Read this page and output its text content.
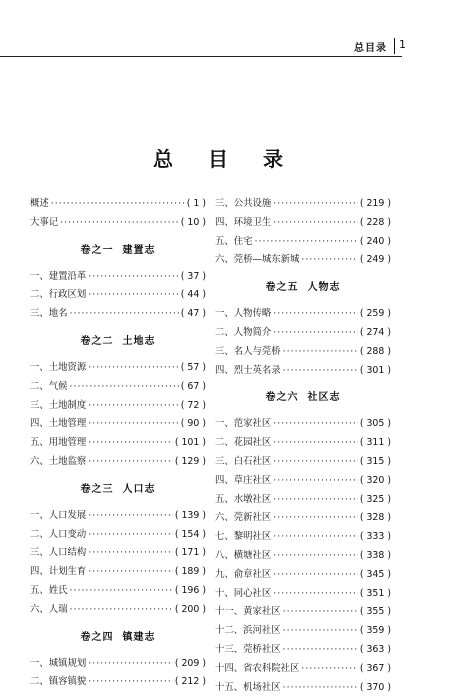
总目录 1
总 目 录
概述 ·····	( 1 )
大事记 ·····	( 10 )
卷之一 建置志
一、建置沿革 ·····	( 37 )
二、行政区划 ·····	( 44 )
三、地名 ·····	( 47 )
卷之二 土地志
一、土地资源 ·····	( 57 )
二、气候 ·····	( 67 )
三、土地制度 ·····	( 72 )
四、土地管理 ·····	( 90 )
五、用地管理 ·····	( 101 )
六、土地监察 ·····	( 129 )
卷之三 人口志
一、人口发展 ·····	( 139 )
二、人口变动 ·····	( 154 )
三、人口结构 ·····	( 171 )
四、计划生育 ·····	( 189 )
五、姓氏 ·····	( 196 )
六、人瑞 ·····	( 200 )
卷之四 镇建志
一、城镇规划 ·····	( 209 )
二、镇容镇貌 ·····	( 212 )
三、公共设施 ·····	( 219 )
四、环境卫生 ·····	( 228 )
五、住宅 ·····	( 240 )
六、莞桥—城东新城 ·····	( 249 )
卷之五 人物志
一、人物传略 ·····	( 259 )
二、人物简介 ·····	( 274 )
三、名人与莞桥 ·····	( 288 )
四、烈士英名录 ·····	( 301 )
卷之六 社区志
一、范家社区 ·····	( 305 )
二、花园社区 ·····	( 311 )
三、白石社区 ·····	( 315 )
四、草庄社区 ·····	( 320 )
五、水墩社区 ·····	( 325 )
六、莞新社区 ·····	( 328 )
七、黎明社区 ·····	( 333 )
八、横塘社区 ·····	( 338 )
九、俞章社区 ·····	( 345 )
十、同心社区 ·····	( 351 )
十一、黄家社区 ·····	( 355 )
十二、浜河社区 ·····	( 359 )
十三、莞桥社区 ·····	( 363 )
十四、省农科院社区 ·····	( 367 )
十五、机场社区 ·····	( 370 )
